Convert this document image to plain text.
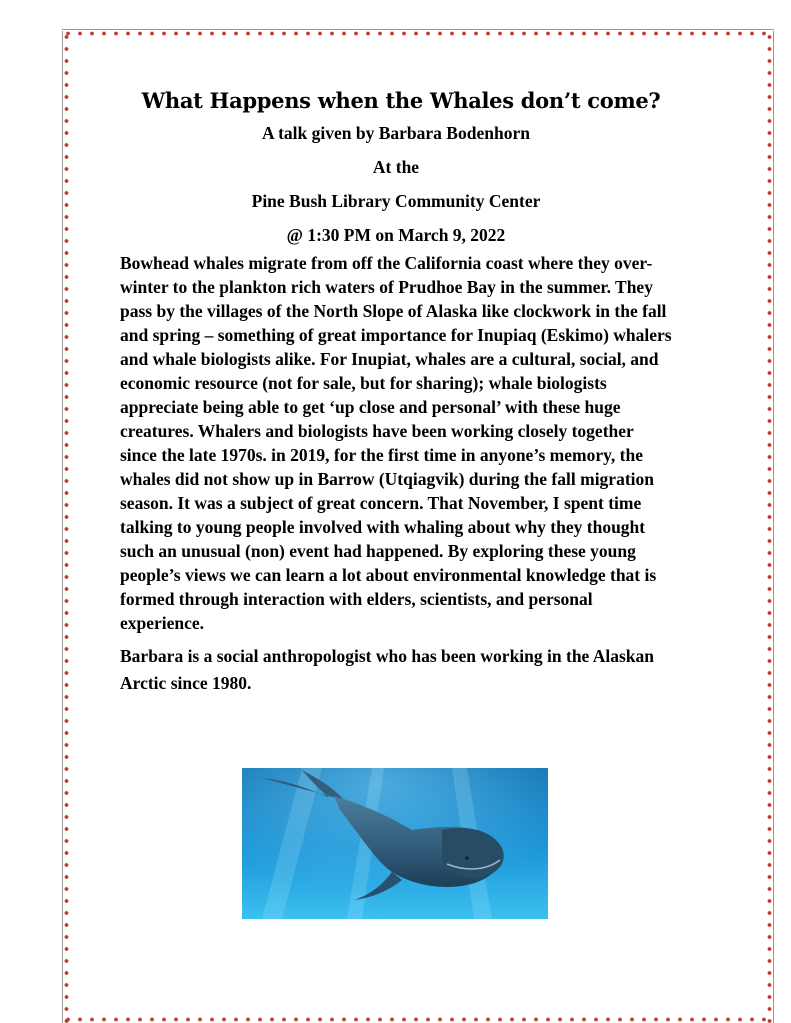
What Happens when the Whales don’t come?

A talk given by Barbara Bodenhorn

At the

Pine Bush Library Community Center

@ 1:30 PM on March 9, 2022

Bowhead whales migrate from off the California coast where they over-winter to the plankton rich waters of Prudhoe Bay in the summer. They pass by the villages of the North Slope of Alaska like clockwork in the fall and spring – something of great importance for Inupiaq (Eskimo) whalers and whale biologists alike. For Inupiat, whales are a cultural, social, and economic resource (not for sale, but for sharing); whale biologists appreciate being able to get ‘up close and personal’ with these huge creatures. Whalers and biologists have been working closely together since the late 1970s. in 2019, for the first time in anyone’s memory, the whales did not show up in Barrow (Utqiagvik) during the fall migration season. It was a subject of great concern. That November, I spent time talking to young people involved with whaling about why they thought such an unusual (non) event had happened. By exploring these young people’s views we can learn a lot about environmental knowledge that is formed through interaction with elders, scientists, and personal experience.

Barbara is a social anthropologist who has been working in the Alaskan Arctic since 1980.
